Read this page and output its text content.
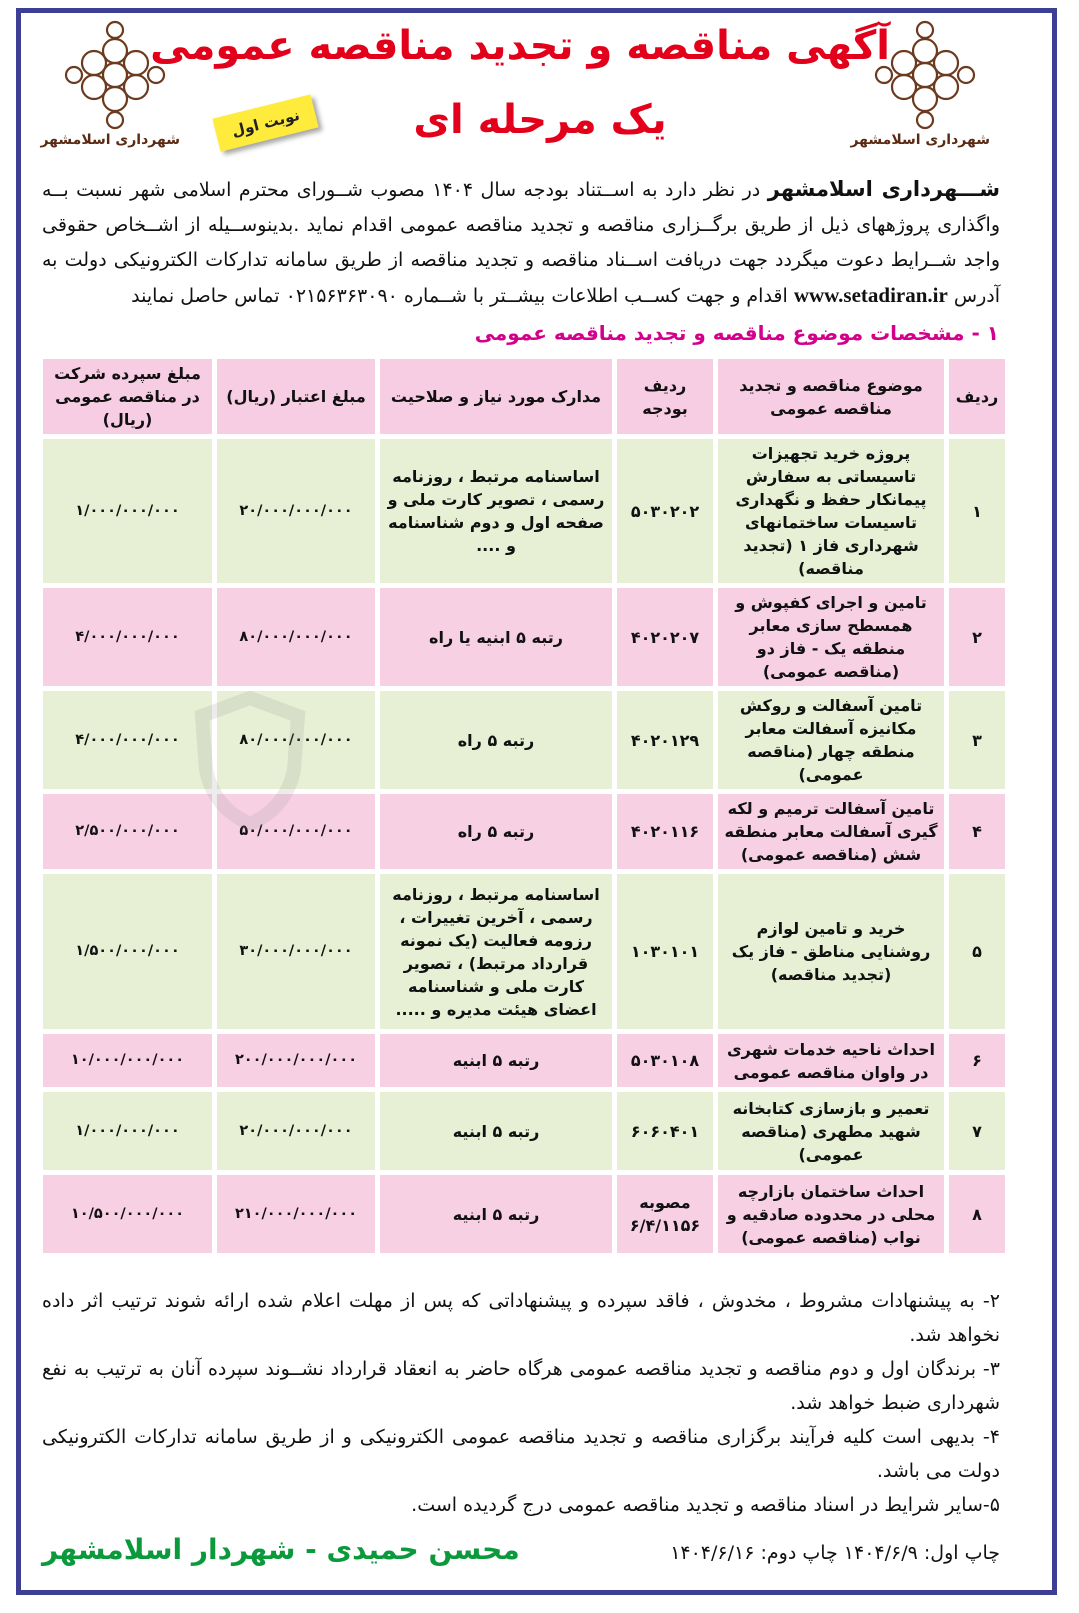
شهرداری اسلامشهر	شهرداری اسلامشهر
آگهی مناقصه و تجدید مناقصه عمومی
یک مرحله ای
نوبت اول
شـــهرداری اسلامشهر در نظر دارد به اســتناد بودجه سال ۱۴۰۴ مصوب شــورای محترم اسلامی شهر نسبت بــه واگذاری پروژههای ذیل از طریق برگــزاری مناقصه و تجدید مناقصه عمومی اقدام نماید .بدینوســیله از اشــخاص حقوقی واجد شــرایط دعوت میگردد جهت دریافت اســناد مناقصه و تجدید مناقصه از طریق سامانه تدارکات الکترونیکی دولت به آدرس www.setadiran.ir اقدام و جهت کســب اطلاعات بیشــتر با شــماره ۰۲۱۵۶۳۶۳۰۹۰ تماس حاصل نمایند
۱ - مشخصات موضوع مناقصه و تجدید مناقصه عمومی
ردیف	موضوع مناقصه و تجدید مناقصه عمومی	ردیف بودجه	مدارک مورد نیاز و صلاحیت	مبلغ اعتبار (ریال)	مبلغ سپرده شرکت در مناقصه عمومی (ریال)
۱	پروژه خرید تجهیزات تاسیساتی به سفارش پیمانکار حفظ و نگهداری تاسیسات ساختمانهای شهرداری فاز ۱ (تجدید مناقصه)	۵۰۳۰۲۰۲	اساسنامه مرتبط ، روزنامه رسمی ، تصویر کارت ملی و صفحه اول و دوم شناسنامه و ....	۲۰/۰۰۰/۰۰۰/۰۰۰	۱/۰۰۰/۰۰۰/۰۰۰
۲	تامین و اجرای کفپوش و همسطح سازی معابر منطقه یک - فاز دو (مناقصه عمومی)	۴۰۲۰۲۰۷	رتبه ۵ ابنیه یا راه	۸۰/۰۰۰/۰۰۰/۰۰۰	۴/۰۰۰/۰۰۰/۰۰۰
۳	تامین آسفالت و روکش مکانیزه آسفالت معابر منطقه چهار (مناقصه عمومی)	۴۰۲۰۱۲۹	رتبه ۵ راه	۸۰/۰۰۰/۰۰۰/۰۰۰	۴/۰۰۰/۰۰۰/۰۰۰
۴	تامین آسفالت ترمیم و لکه گیری آسفالت معابر منطقه شش (مناقصه عمومی)	۴۰۲۰۱۱۶	رتبه ۵ راه	۵۰/۰۰۰/۰۰۰/۰۰۰	۲/۵۰۰/۰۰۰/۰۰۰
۵	خرید و تامین لوازم روشنایی مناطق - فاز یک (تجدید مناقصه)	۱۰۳۰۱۰۱	اساسنامه مرتبط ، روزنامه رسمی ، آخرین تغییرات ، رزومه فعالیت (یک نمونه قرارداد مرتبط) ، تصویر کارت ملی و شناسنامه اعضای هیئت مدیره و .....	۳۰/۰۰۰/۰۰۰/۰۰۰	۱/۵۰۰/۰۰۰/۰۰۰
۶	احداث ناحیه خدمات شهری در واوان مناقصه عمومی	۵۰۳۰۱۰۸	رتبه ۵ ابنیه	۲۰۰/۰۰۰/۰۰۰/۰۰۰	۱۰/۰۰۰/۰۰۰/۰۰۰
۷	تعمیر و بازسازی کتابخانه شهید مطهری (مناقصه عمومی)	۶۰۶۰۴۰۱	رتبه ۵ ابنیه	۲۰/۰۰۰/۰۰۰/۰۰۰	۱/۰۰۰/۰۰۰/۰۰۰
۸	احداث ساختمان بازارچه محلی در محدوده صادقیه و نواب (مناقصه عمومی)	مصوبه ۶/۴/۱۱۵۶	رتبه ۵ ابنیه	۲۱۰/۰۰۰/۰۰۰/۰۰۰	۱۰/۵۰۰/۰۰۰/۰۰۰

۲- به پیشنهادات مشروط ، مخدوش ، فاقد سپرده و پیشنهاداتی که پس از مهلت اعلام شده ارائه شوند ترتیب اثر داده نخواهد شد.

۳- برندگان اول و دوم مناقصه و تجدید مناقصه عمومی هرگاه حاضر به انعقاد قرارداد نشــوند سپرده آنان به ترتیب به نفع شهرداری ضبط خواهد شد.

۴- بدیهی است کلیه فرآیند برگزاری مناقصه و تجدید مناقصه عمومی الکترونیکی و از طریق سامانه تدارکات الکترونیکی دولت می باشد.

۵-سایر شرایط در اسناد مناقصه و تجدید مناقصه عمومی درج گردیده است.

چاپ اول: ۱۴۰۴/۶/۹ چاپ دوم: ۱۴۰۴/۶/۱۶
محسن حمیدی - شهردار اسلامشهر
